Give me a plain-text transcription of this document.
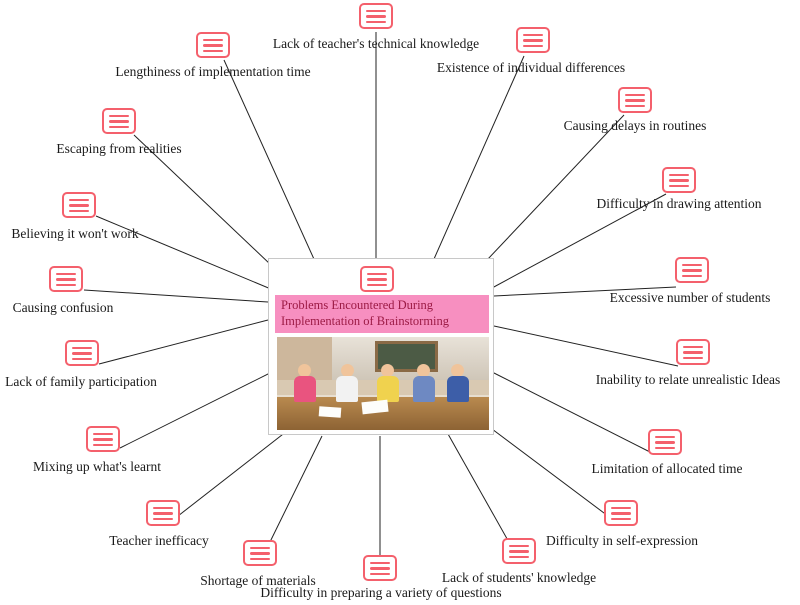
Problems Encountered During Implementation of Brainstorming
Lack of teacher's technical knowledge
Lengthiness of implementation time	Existence of individual differences
Escaping from realities
Causing delays in routines
Believing it won't work
Difficulty in drawing attention
Causing confusion
Excessive number of students
Lack of family participation	Inability to relate unrealistic Ideas
Mixing up what's learnt	Limitation of allocated time
Teacher inefficacy	Difficulty in self-expression
Shortage of materials	Lack of students' knowledge
Difficulty in preparing a variety of questions
